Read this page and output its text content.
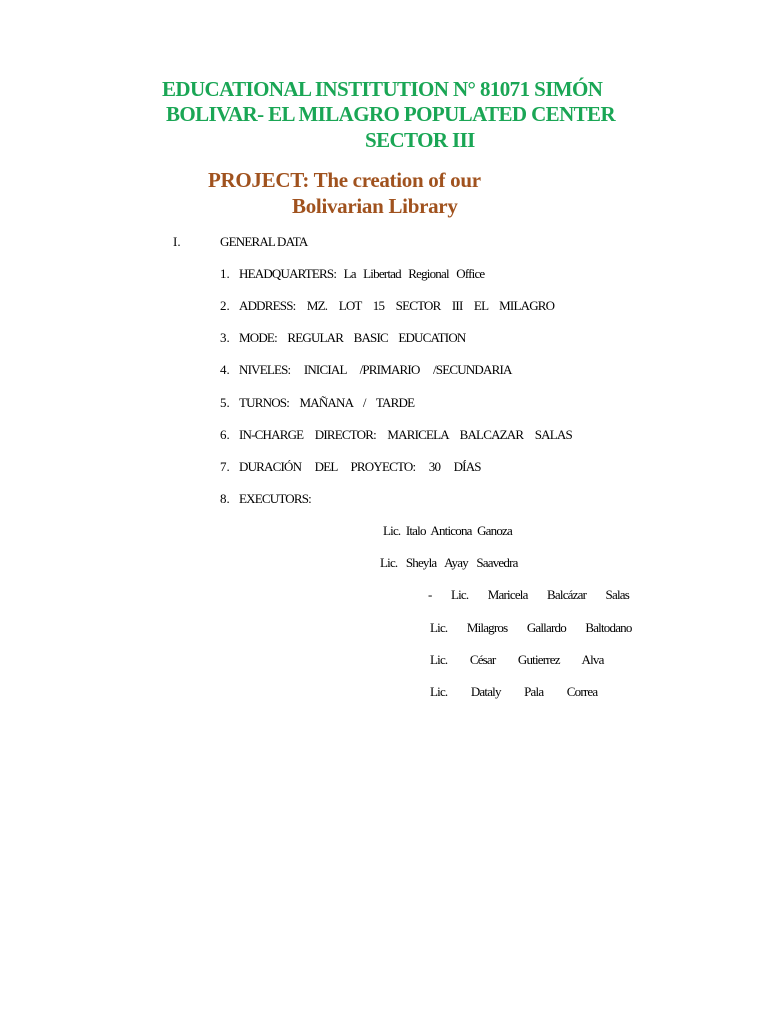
EDUCATIONAL INSTITUTION N° 81071 SIMÓN
BOLIVAR- EL MILAGRO POPULATED CENTER
SECTOR III
PROJECT: The creation of our
Bolivarian Library
I.	GENERAL DATA
1. HEADQUARTERS: La Libertad Regional Office
2. ADDRESS: MZ. LOT 15 SECTOR III EL MILAGRO
3. MODE: REGULAR BASIC EDUCATION
4. NIVELES: INICIAL /PRIMARIO /SECUNDARIA
5. TURNOS: MAÑANA / TARDE
6. IN-CHARGE DIRECTOR: MARICELA BALCAZAR SALAS
7. DURACIÓN DEL PROYECTO: 30 DÍAS
8. EXECUTORS:
Lic. Italo Anticona Ganoza
Lic. Sheyla Ayay Saavedra
- Lic. Maricela Balcázar Salas
Lic. Milagros Gallardo Baltodano
Lic. César Gutierrez Alva
Lic. Dataly Pala Correa
